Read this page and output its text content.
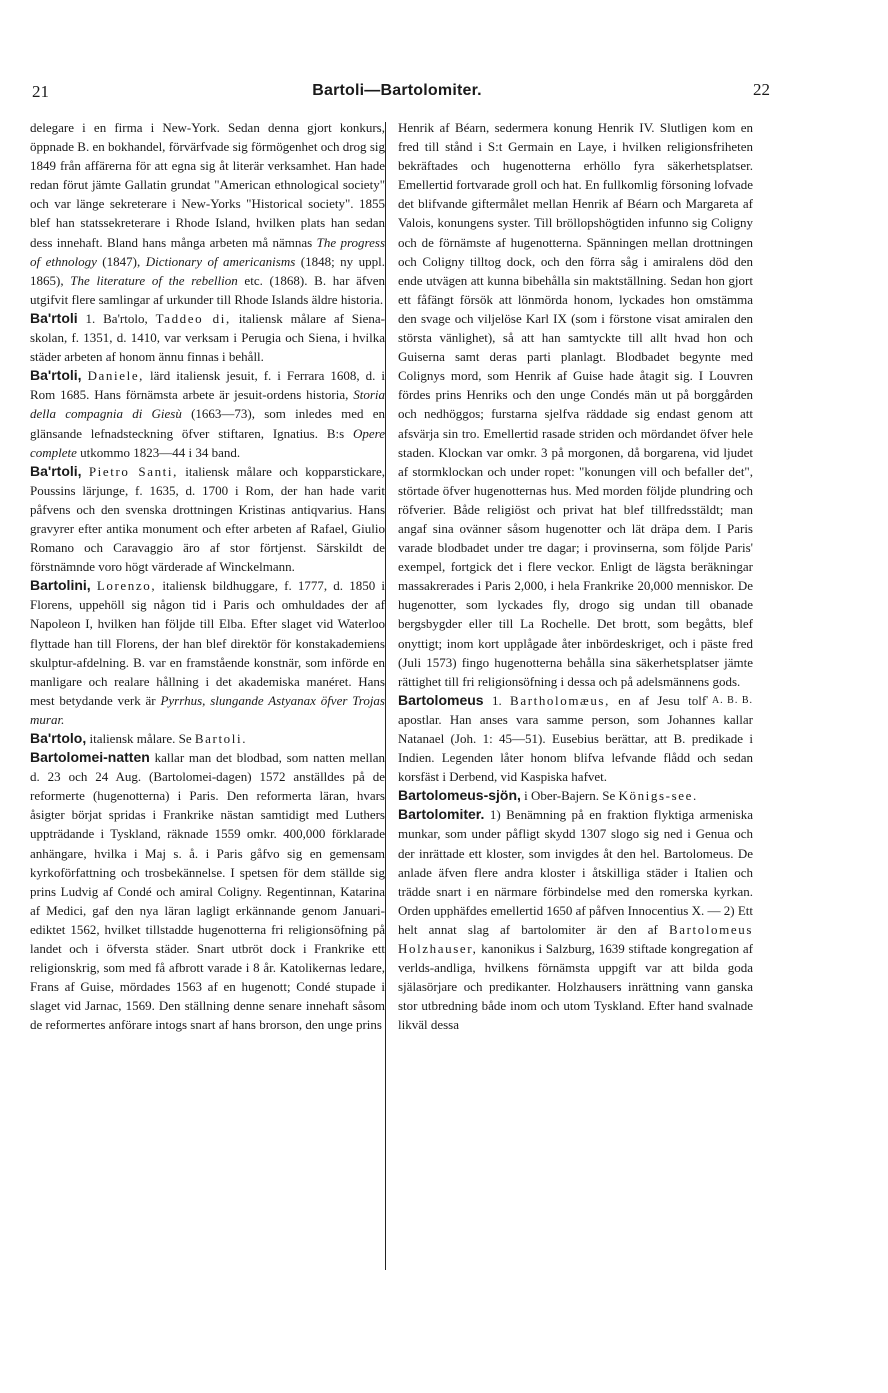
21	Bartoli—Bartolomiter.	22

delegare i en firma i New-York. Sedan denna gjort konkurs, öppnade B. en bokhandel, förvärfvade sig förmögenhet och drog sig 1849 från affärerna för att egna sig åt literär verksamhet. Han hade redan förut jämte Gallatin grundat "American ethnological society" och var länge sekreterare i New-Yorks "Historical society". 1855 blef han statssekreterare i Rhode Island, hvilken plats han sedan dess innehaft. Bland hans många arbeten må nämnas The progress of ethnology (1847), Dictionary of americanisms (1848; ny uppl. 1865), The literature of the rebellion etc. (1868). B. har äfven utgifvit flere samlingar af urkunder till Rhode Islands äldre historia.

Ba'rtoli 1. Ba'rtolo, Taddeo di, italiensk målare af Siena-skolan, f. 1351, d. 1410, var verksam i Perugia och Siena, i hvilka städer arbeten af honom ännu finnas i behåll.

Ba'rtoli, Daniele, lärd italiensk jesuit, f. i Ferrara 1608, d. i Rom 1685. Hans förnämsta arbete är jesuit-ordens historia, Storia della compagnia di Giesù (1663—73), som inledes med en glänsande lefnadsteckning öfver stiftaren, Ignatius. B:s Opere complete utkommo 1823—44 i 34 band.

Ba'rtoli, Pietro Santi, italiensk målare och kopparstickare, Poussins lärjunge, f. 1635, d. 1700 i Rom, der han hade varit påfvens och den svenska drottningen Kristinas antiqvarius. Hans gravyrer efter antika monument och efter arbeten af Rafael, Giulio Romano och Caravaggio äro af stor förtjenst. Särskildt de förstnämnde voro högt värderade af Winckelmann.

Bartolini, Lorenzo, italiensk bildhuggare, f. 1777, d. 1850 i Florens, uppehöll sig någon tid i Paris och omhuldades der af Napoleon I, hvilken han följde till Elba. Efter slaget vid Waterloo flyttade han till Florens, der han blef direktör för konstakademiens skulptur-afdelning. B. var en framstående konstnär, som införde en manligare och realare hållning i det akademiska manéret. Hans mest betydande verk är Pyrrhus, slungande Astyanax öfver Trojas murar.

Ba'rtolo, italiensk målare. Se Bartoli.

Bartolomei-natten kallar man det blodbad, som natten mellan d. 23 och 24 Aug. (Bartolomei-dagen) 1572 anställdes på de reformerte (hugenotterna) i Paris. Den reformerta läran, hvars åsigter börjat spridas i Frankrike nästan samtidigt med Luthers uppträdande i Tyskland, räknade 1559 omkr. 400,000 förklarade anhängare, hvilka i Maj s. å. i Paris gåfvo sig en gemensam kyrkoförfattning och trosbekännelse. I spetsen för dem ställde sig prins Ludvig af Condé och amiral Coligny. Regentinnan, Katarina af Medici, gaf den nya läran lagligt erkännande genom Januari-ediktet 1562, hvilket tillstadde hugenotterna fri religionsöfning på landet och i öfversta städer. Snart utbröt dock i Frankrike ett religionskrig, som med få afbrott varade i 8 år. Katolikernas ledare, Frans af Guise, mördades 1563 af en hugenott; Condé stupade i slaget vid Jarnac, 1569. Den ställning denne senare innehaft såsom de reformertes anförare intogs snart af hans brorson, den unge prins

Henrik af Béarn, sedermera konung Henrik IV. Slutligen kom en fred till stånd i S:t Germain en Laye, i hvilken religionsfriheten bekräftades och hugenotterna erhöllo fyra säkerhetsplatser. Emellertid fortvarade groll och hat. En fullkomlig försoning lofvade det blifvande giftermålet mellan Henrik af Béarn och Margareta af Valois, konungens syster. Till bröllopshögtiden infunno sig Coligny och de förnämste af hugenotterna. Spänningen mellan drottningen och Coligny tilltog dock, och den förra såg i amiralens död den ende utvägen att kunna bibehålla sin maktställning. Sedan hon gjort ett fåfängt försök att lönmörda honom, lyckades hon omstämma den svage och viljelöse Karl IX (som i förstone visat amiralen den största vänlighet), så att han samtyckte till allt hvad hon och Guiserna samt deras parti planlagt. Blodbadet begynte med Colignys mord, som Henrik af Guise hade åtagit sig. I Louvren fördes prins Henriks och den unge Condés män ut på borggården och nedhöggos; furstarna sjelfva räddade sig endast genom att afsvärja sin tro. Emellertid rasade striden och mördandet öfver hele staden. Klockan var omkr. 3 på morgonen, då borgarena, vid ljudet af stormklockan och under ropet: "konungen vill och befaller det", störtade öfver hugenotternas hus. Med morden följde plundring och röfverier. Både religiöst och privat hat blef tillfredsstäldt; man angaf sina ovänner såsom hugenotter och lät dräpa dem. I Paris varade blodbadet under tre dagar; i provinserna, som följde Paris' exempel, fortgick det i flere veckor. Enligt de lägsta beräkningar massakrerades i Paris 2,000, i hela Frankrike 20,000 menniskor. De hugenotter, som lyckades fly, drogo sig undan till obanade bergsbygder eller till La Rochelle. Det brott, som begåtts, blef onyttigt; inom kort upplågade åter inbördeskriget, och i päste fred (Juli 1573) fingo hugenotterna behålla sina säkerhetsplatser jämte rättighet till fri religionsöfning i dessa och på adelsmännens gods.
' A. B. B.

Bartolomeus 1. Bartholomæus, en af Jesu tolf apostlar. Han anses vara samme person, som Johannes kallar Natanael (Joh. 1: 45—51). Eusebius berättar, att B. predikade i Indien. Legenden låter honom blifva lefvande flådd och sedan korsfäst i Derbend, vid Kaspiska hafvet.

Bartolomeus-sjön, i Ober-Bajern. Se Königs-see.

Bartolomiter. 1) Benämning på en fraktion flyktiga armeniska munkar, som under påfligt skydd 1307 slogo sig ned i Genua och der inrättade ett kloster, som invigdes åt den hel. Bartolomeus. De anlade äfven flere andra kloster i åtskilliga städer i Italien och trädde snart i en närmare förbindelse med den romerska kyrkan. Orden upphäfdes emellertid 1650 af påfven Innocentius X. — 2) Ett helt annat slag af bartolomiter är den af Bartolomeus Holzhauser, kanonikus i Salzburg, 1639 stiftade kongregation af verlds-andliga, hvilkens förnämsta uppgift var att bilda goda själasörjare och predikanter. Holzhausers inrättning vann ganska stor utbredning både inom och utom Tyskland. Efter hand svalnade likväl dessa
